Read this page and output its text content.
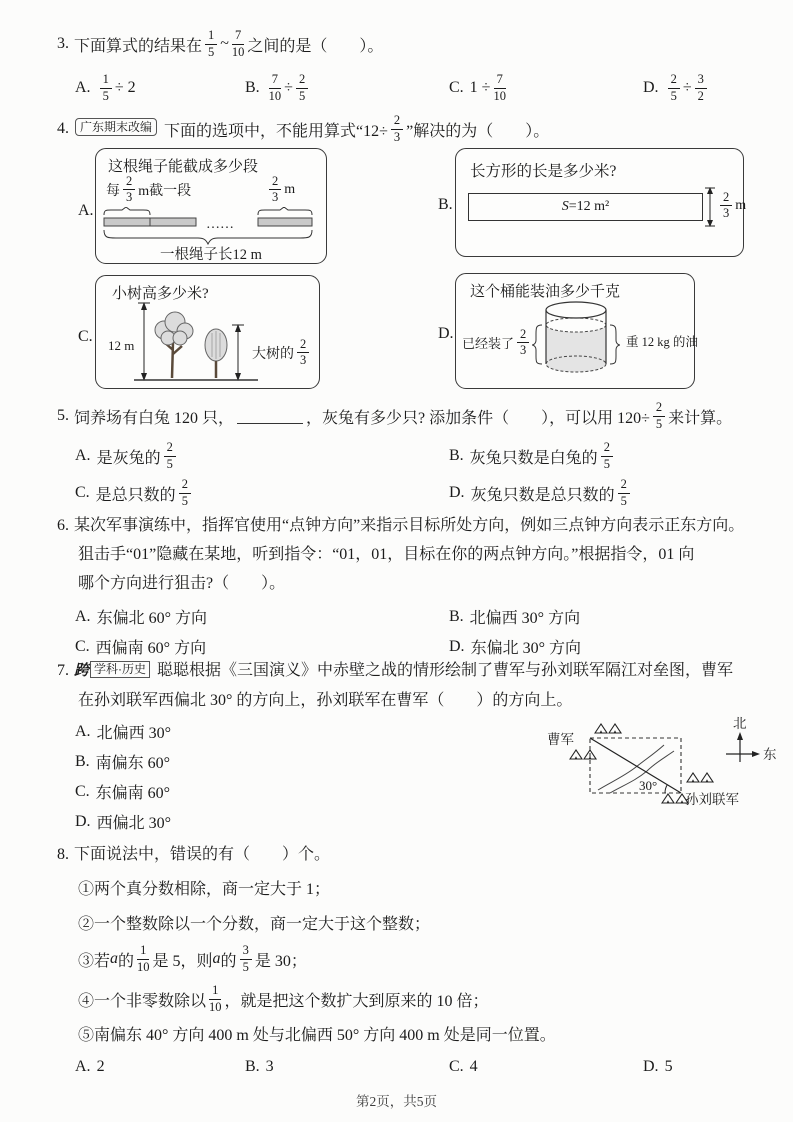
3. 下面算式的结果在 $\frac{1}{5}$ ~ $\frac{7}{10}$ 之间的是（　　）。
A. $\frac{1}{5} \div 2$	B. $\frac{7}{10} \div \frac{2}{5}$	C. $1 \div \frac{7}{10}$	D. $\frac{2}{5} \div \frac{3}{2}$
4. 广东期末改编 下面的选项中，不能用算式“$12\div \frac{2}{3}$ ”解决的为（　　）。
A.
这根绳子能截成多少段
每 $\frac{2}{3}$ m截一段	$\frac{2}{3}$ m
……
一根绳子长12 m
B.
长方形的长是多少米?
S=12 m²	$\frac{2}{3}$ m
C.
小树高多少米?
12 m
大树的 $\frac{2}{3}$
D.
这个桶能装油多少千克
已经装了 $\frac{2}{3}$	重 12 kg 的油
5. 饲养场有白兔 120 只，	，灰兔有多少只? 添加条件（　　），可以用 $120\div \frac{2}{5}$ 来计算。
A. 是灰兔的 $\frac{2}{5}$	B. 灰兔只数是白兔的 $\frac{2}{5}$
C. 是总只数的 $\frac{2}{5}$	D. 灰兔只数是总只数的 $\frac{2}{5}$
6. 某次军事演练中，指挥官使用“点钟方向”来指示目标所处方向，例如三点钟方向表示正东方向。
狙击手“01”隐藏在某地，听到指令：“01，01，目标在你的两点钟方向。”根据指令，01 向
哪个方向进行狙击?（　　）。
A. 东偏北 60° 方向	B. 北偏西 30° 方向
C. 西偏南 60° 方向	D. 东偏北 30° 方向
7. 跨 学科·历史 聪聪根据《三国演义》中赤壁之战的情形绘制了曹军与孙刘联军隔江对垒图，曹军
在孙刘联军西偏北 30° 的方向上，孙刘联军在曹军（　　）的方向上。
A. 北偏西 30°
B. 南偏东 60°
C. 东偏南 60°
D. 西偏北 30°
曹军
30°
孙刘联军
北
东
8. 下面说法中，错误的有（　　）个。
①两个真分数相除，商一定大于 1；
②一个整数除以一个分数，商一定大于这个整数；
③若 a 的 $\frac{1}{10}$ 是 5，则 a 的 $\frac{3}{5}$ 是 30；
④一个非零数除以 $\frac{1}{10}$ ，就是把这个数扩大到原来的 10 倍；
⑤南偏东 40° 方向 400 m 处与北偏西 50° 方向 400 m 处是同一位置。
A. 2	B. 3	C. 4	D. 5
第2页，共5页
